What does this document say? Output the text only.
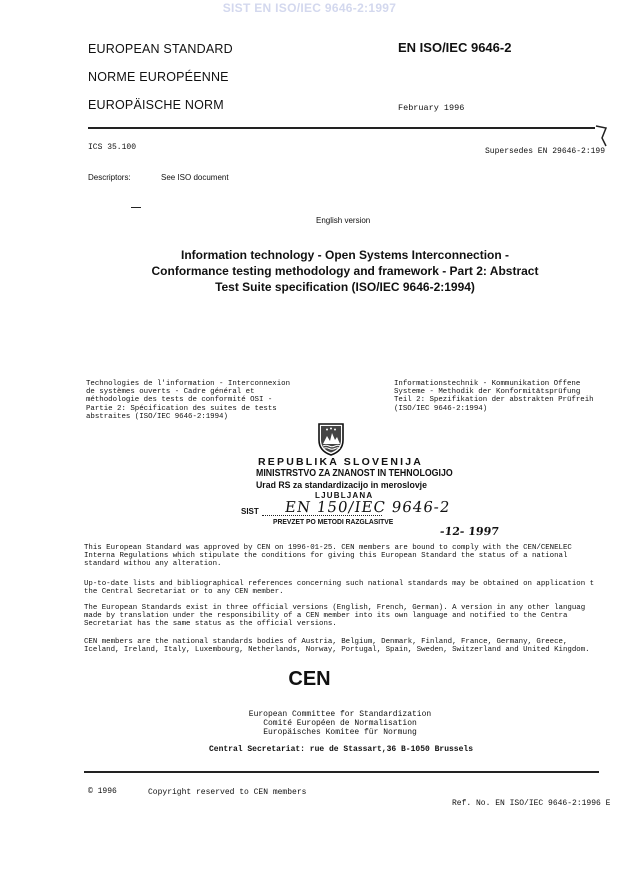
SIST EN ISO/IEC 9646-2:1997
EUROPEAN STANDARD
NORME EUROPÉENNE
EUROPÄISCHE NORM
EN ISO/IEC 9646-2
February 1996
ICS 35.100	Supersedes EN 29646-2:199
Descriptors:	See ISO document
English version
Information technology - Open Systems Interconnection - Conformance testing methodology and framework - Part 2: Abstract Test Suite specification (ISO/IEC 9646-2:1994)
Technologies de l'information - Interconnexion de systèmes ouverts - Cadre général et méthodologie des tests de conformité OSI - Partie 2: Spécification des suites de tests abstraites (ISO/IEC 9646-2:1994)
Informationstechnik - Kommunikation Offene Systeme - Methodik der Konformitätsprüfung Teil 2: Spezifikation der abstrakten Prüfreih (ISO/IEC 9646-2:1994)
REPUBLIKA SLOVENIJA
MINISTRSTVO ZA ZNANOST IN TEHNOLOGIJO
Urad RS za standardizacijo in meroslovje
LJUBLJANA
SIST EN 150/IEC 9646-2
PREVZET PO METODI RAZGLASITVE
-12- 1997
This European Standard was approved by CEN on 1996-01-25. CEN members are bound to comply with the CEN/CENELEC Interna Regulations which stipulate the conditions for giving this European Standard the status of a national standard withou any alteration.
Up-to-date lists and bibliographical references concerning such national standards may be obtained on application t the Central Secretariat or to any CEN member.
The European Standards exist in three official versions (English, French, German). A version in any other languag made by translation under the responsibility of a CEN member into its own language and notified to the Centra Secretariat has the same status as the official versions.
CEN members are the national standards bodies of Austria, Belgium, Denmark, Finland, France, Germany, Greece, Iceland, Ireland, Italy, Luxembourg, Netherlands, Norway, Portugal, Spain, Sweden, Switzerland and United Kingdom.
CEN
European Committee for Standardization
Comité Européen de Normalisation
Europäisches Komitee für Normung
Central Secretariat: rue de Stassart,36 B-1050 Brussels
© 1996	Copyright reserved to CEN members
Ref. No. EN ISO/IEC 9646-2:1996 E
